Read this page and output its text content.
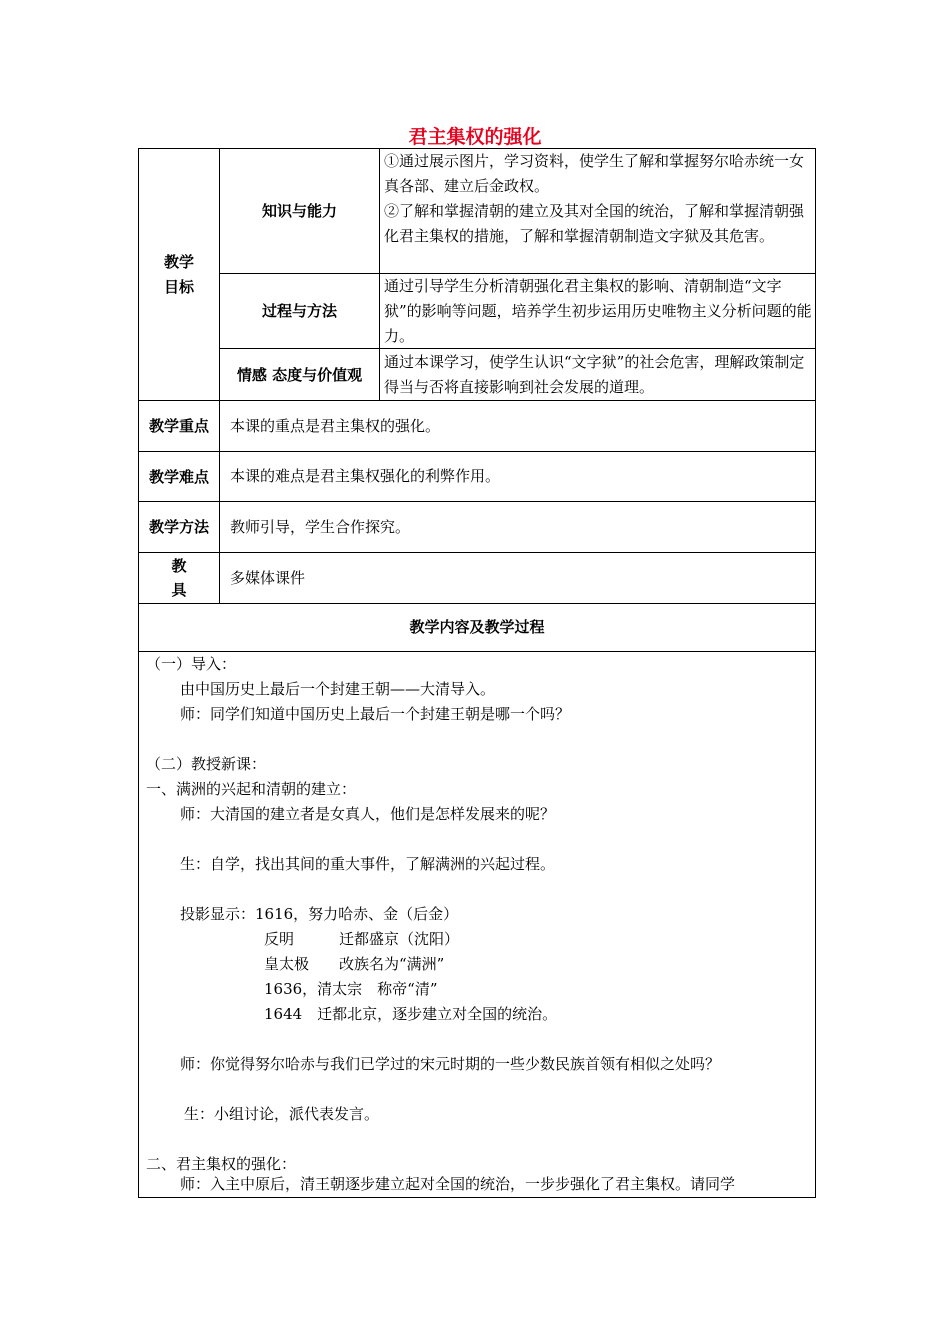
君主集权的强化
教学
目标
知识与能力
①通过展示图片，学习资料，使学生了解和掌握努尔哈赤统一女真各部、建立后金政权。
②了解和掌握清朝的建立及其对全国的统治，了解和掌握清朝强化君主集权的措施，了解和掌握清朝制造文字狱及其危害。
过程与方法
通过引导学生分析清朝强化君主集权的影响、清朝制造“文字狱”的影响等问题，培养学生初步运用历史唯物主义分析问题的能力。
情感 态度与价值观
通过本课学习，使学生认识“文字狱”的社会危害，理解政策制定得当与否将直接影响到社会发展的道理。
教学重点 本课的重点是君主集权的强化。
教学难点 本课的难点是君主集权强化的利弊作用。
教学方法 教师引导，学生合作探究。
教
具
多媒体课件
教学内容及教学过程
（一）导入：
由中国历史上最后一个封建王朝——大清导入。
师：同学们知道中国历史上最后一个封建王朝是哪一个吗？
（二）教授新课：
一、满洲的兴起和清朝的建立：
师：大清国的建立者是女真人，他们是怎样发展来的呢？
生：自学，找出其间的重大事件，了解满洲的兴起过程。
投影显示：1616，努力哈赤、金（后金）
反明　　　迁都盛京（沈阳）
皇太极　　改族名为“满洲”
1636，清太宗　称帝“清”
1644　迁都北京，逐步建立对全国的统治。
师：你觉得努尔哈赤与我们已学过的宋元时期的一些少数民族首领有相似之处吗？
生：小组讨论，派代表发言。
二、君主集权的强化：
师：入主中原后，清王朝逐步建立起对全国的统治，一步步强化了君主集权。请同学
